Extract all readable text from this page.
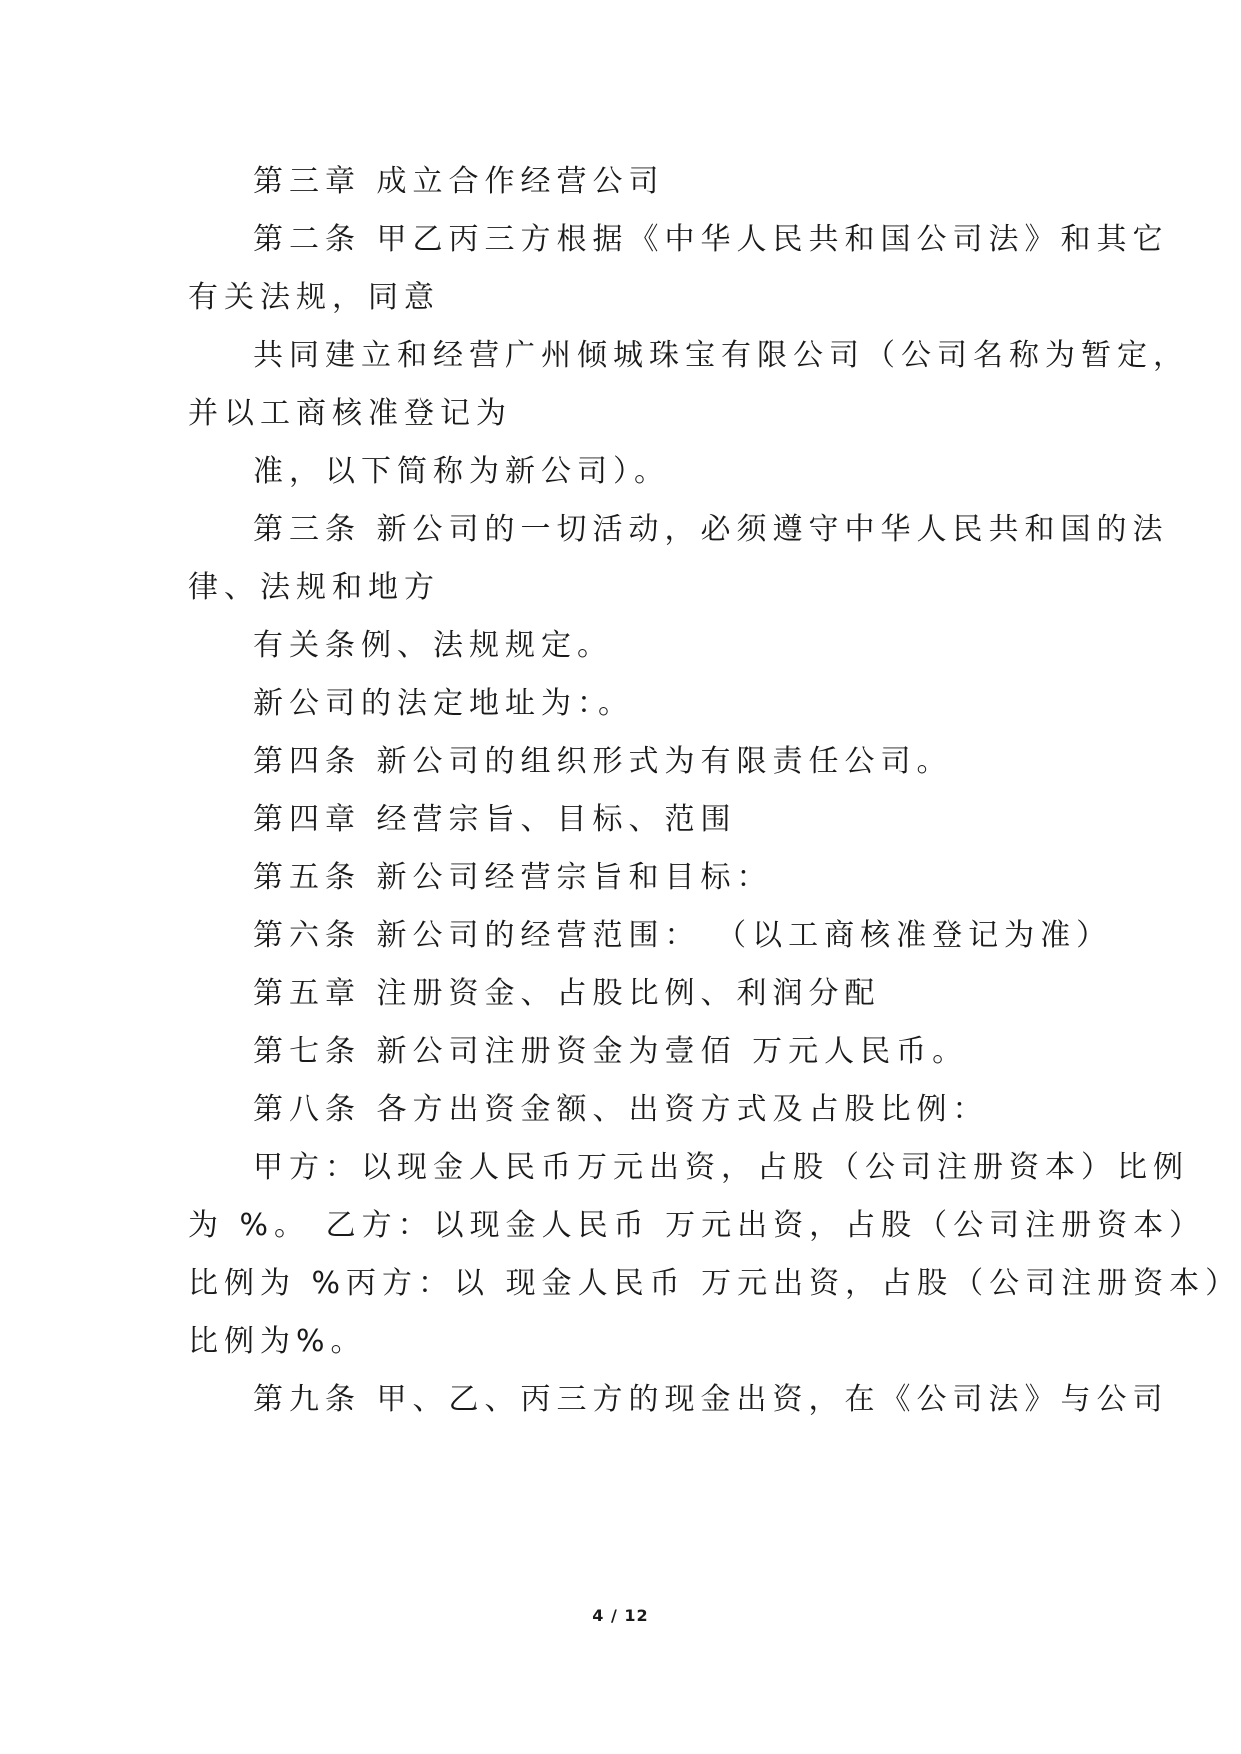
第三章 成立合作经营公司
第二条 甲乙丙三方根据《中华人民共和国公司法》和其它
有关法规，同意
共同建立和经营广州倾城珠宝有限公司（公司名称为暂定，
并以工商核准登记为
准，以下简称为新公司）。
第三条 新公司的一切活动，必须遵守中华人民共和国的法
律、法规和地方
有关条例、法规规定。
新公司的法定地址为：。
第四条 新公司的组织形式为有限责任公司。
第四章 经营宗旨、目标、范围
第五条 新公司经营宗旨和目标：
第六条 新公司的经营范围： （以工商核准登记为准）
第五章 注册资金、占股比例、利润分配
第七条 新公司注册资金为壹佰 万元人民币。
第八条 各方出资金额、出资方式及占股比例：
甲方：以现金人民币万元出资，占股（公司注册资本）比例
为 %。 乙方：以现金人民币 万元出资，占股（公司注册资本）
比例为 %丙方：以 现金人民币 万元出资，占股（公司注册资本）
比例为%。
第九条 甲、乙、丙三方的现金出资，在《公司法》与公司
4 / 12
